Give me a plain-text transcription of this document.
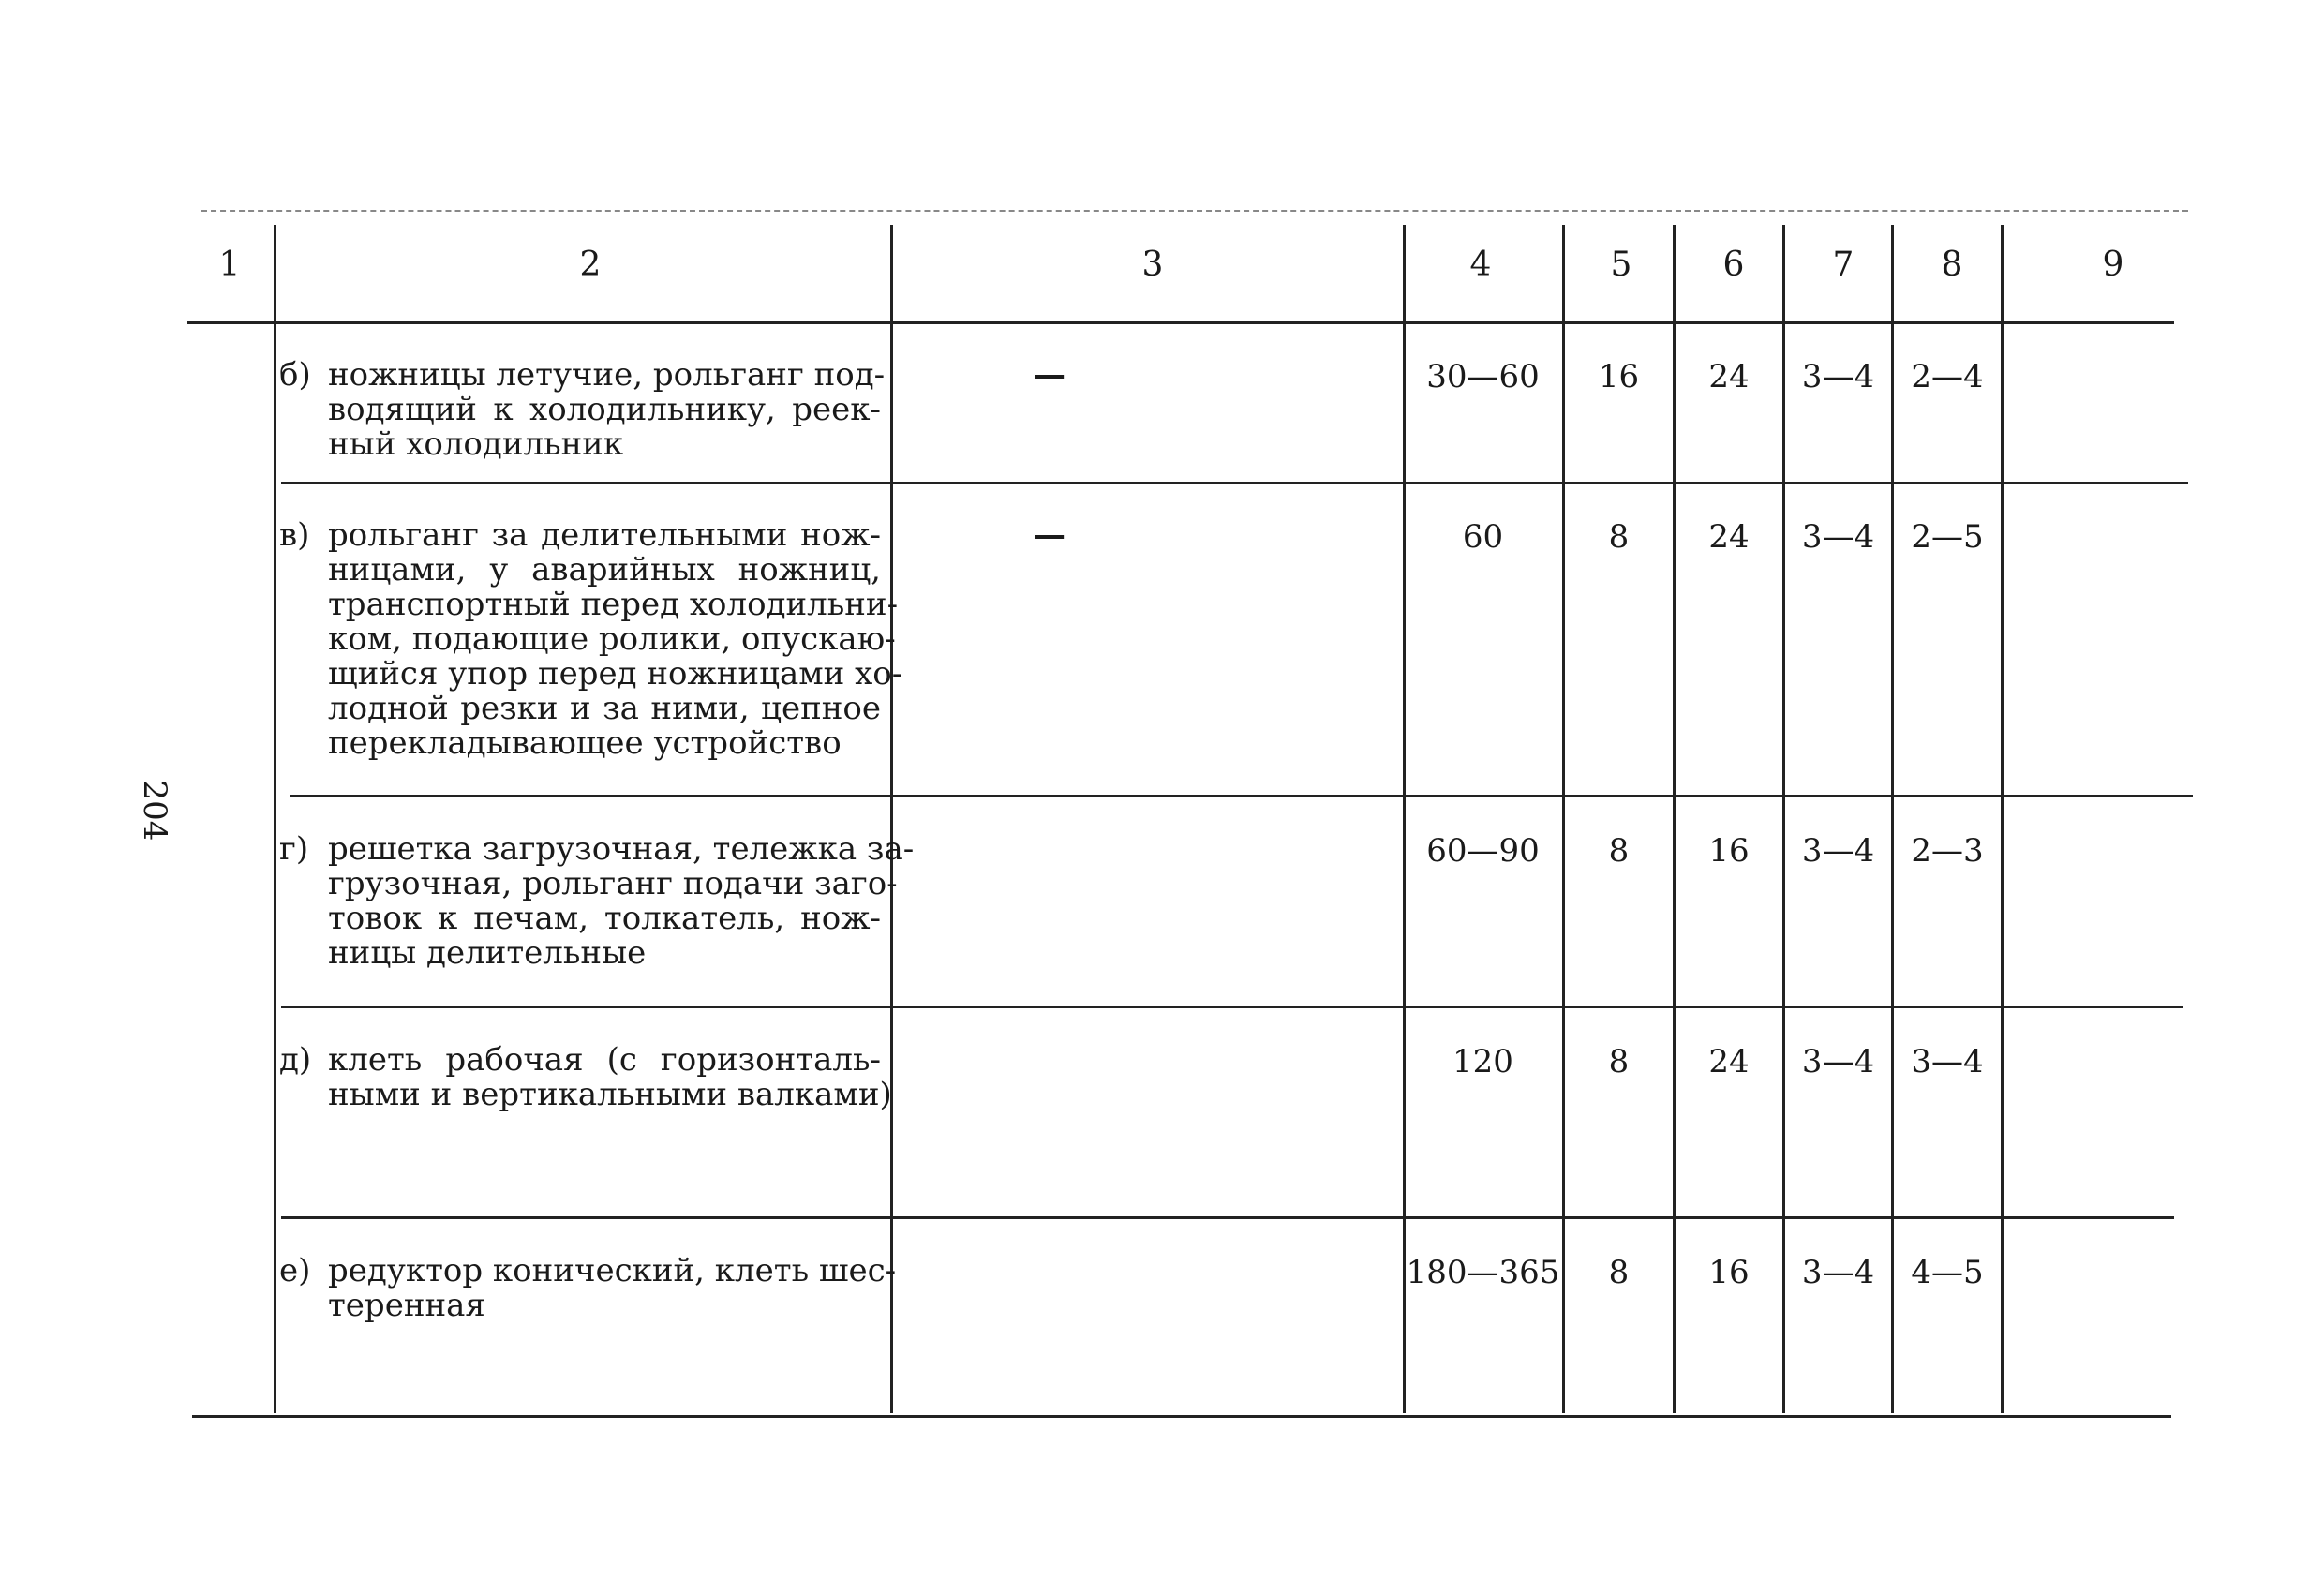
204
1	2	3	4	5	6	7	8	9
б) ножницы летучие, рольганг под-
водящий к холодильнику, реек-
ный холодильник
—	30—60	16	24	3—4	2—4
в) рольганг за делительными нож-
ницами, у аварийных ножниц,
транспортный перед холодильни-
ком, подающие ролики, опускаю-
щийся упор перед ножницами хо-
лодной резки и за ними, цепное
перекладывающее устройство
—	60	8	24	3—4	2—5
г) решетка загрузочная, тележка за-
грузочная, рольганг подачи заго-
товок к печам, толкатель, нож-
ницы делительные
60—90	8	16	3—4	2—3
д) клеть рабочая (с горизонталь-
ными и вертикальными валками)
120	8	24	3—4	3—4
е) редуктор конический, клеть шес-
теренная
180—365	8	16	3—4	4—5
